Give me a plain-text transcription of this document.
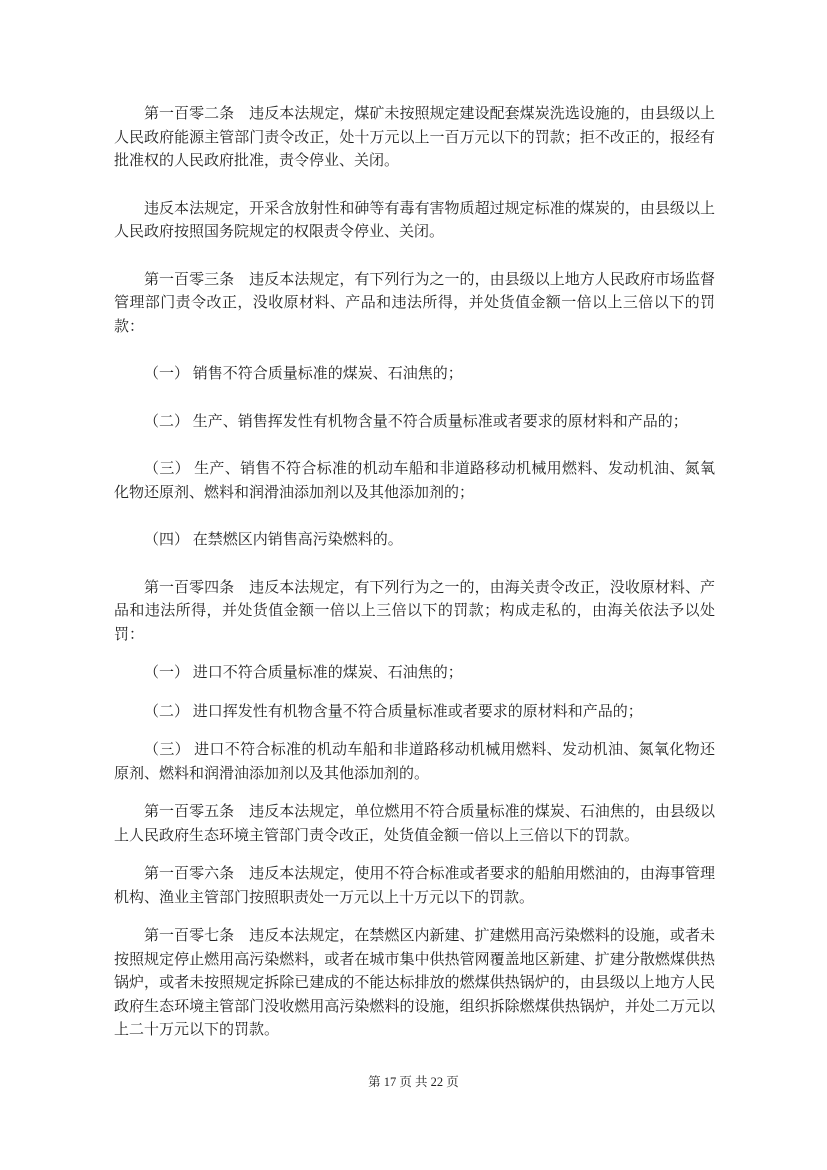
第一百零二条　违反本法规定，煤矿未按照规定建设配套煤炭洗选设施的，由县级以上人民政府能源主管部门责令改正，处十万元以上一百万元以下的罚款；拒不改正的，报经有批准权的人民政府批准，责令停业、关闭。

违反本法规定，开采含放射性和砷等有毒有害物质超过规定标准的煤炭的，由县级以上人民政府按照国务院规定的权限责令停业、关闭。

第一百零三条　违反本法规定，有下列行为之一的，由县级以上地方人民政府市场监督管理部门责令改正，没收原材料、产品和违法所得，并处货值金额一倍以上三倍以下的罚款：

（一） 销售不符合质量标准的煤炭、石油焦的；

（二） 生产、销售挥发性有机物含量不符合质量标准或者要求的原材料和产品的；

（三） 生产、销售不符合标准的机动车船和非道路移动机械用燃料、发动机油、氮氧化物还原剂、燃料和润滑油添加剂以及其他添加剂的；

（四） 在禁燃区内销售高污染燃料的。

第一百零四条　违反本法规定，有下列行为之一的，由海关责令改正，没收原材料、产品和违法所得，并处货值金额一倍以上三倍以下的罚款；构成走私的，由海关依法予以处罚：

（一） 进口不符合质量标准的煤炭、石油焦的；

（二） 进口挥发性有机物含量不符合质量标准或者要求的原材料和产品的；

（三） 进口不符合标准的机动车船和非道路移动机械用燃料、发动机油、氮氧化物还原剂、燃料和润滑油添加剂以及其他添加剂的。

第一百零五条　违反本法规定，单位燃用不符合质量标准的煤炭、石油焦的，由县级以上人民政府生态环境主管部门责令改正，处货值金额一倍以上三倍以下的罚款。

第一百零六条　违反本法规定，使用不符合标准或者要求的船舶用燃油的，由海事管理机构、渔业主管部门按照职责处一万元以上十万元以下的罚款。

第一百零七条　违反本法规定，在禁燃区内新建、扩建燃用高污染燃料的设施，或者未按照规定停止燃用高污染燃料，或者在城市集中供热管网覆盖地区新建、扩建分散燃煤供热锅炉，或者未按照规定拆除已建成的不能达标排放的燃煤供热锅炉的，由县级以上地方人民政府生态环境主管部门没收燃用高污染燃料的设施，组织拆除燃煤供热锅炉，并处二万元以上二十万元以下的罚款。

第 17 页 共 22 页
